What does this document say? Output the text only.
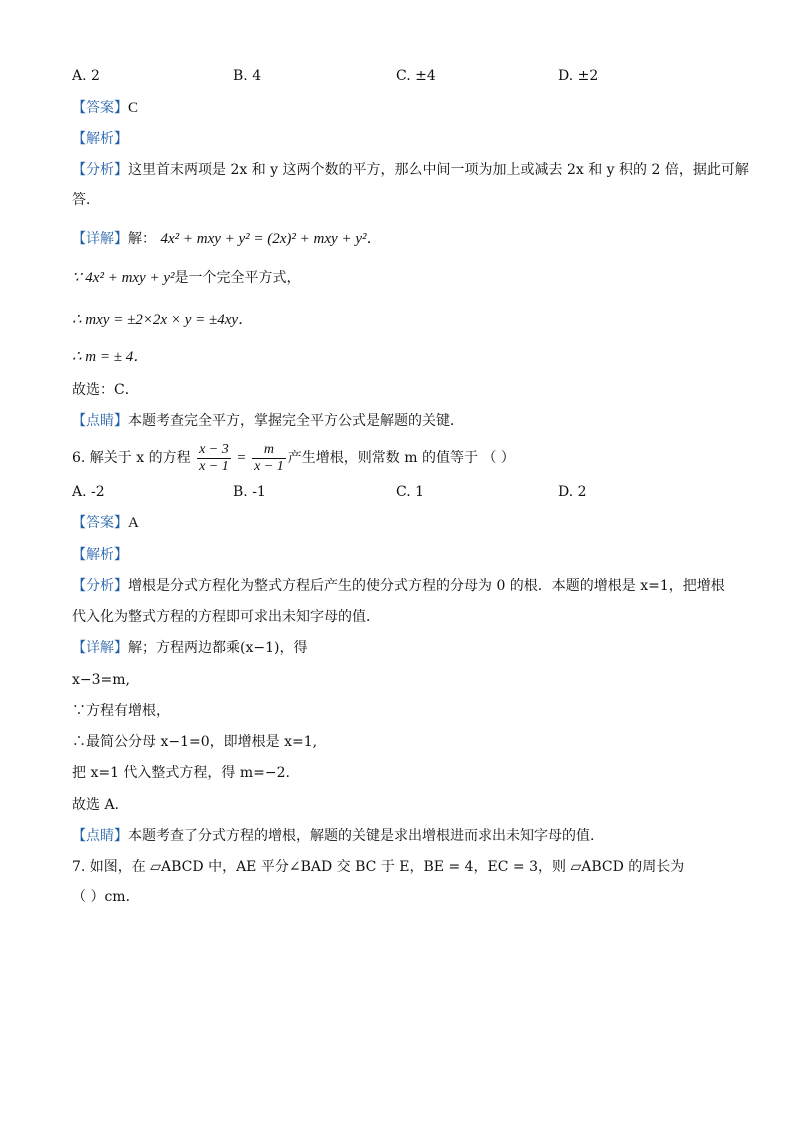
A. 2	B. 4	C. ±4	D. ±2
【答案】C
【解析】
【分析】这里首末两项是 2x 和 y 这两个数的平方，那么中间一项为加上或减去 2x 和 y 积的 2 倍，据此可解
答．
【详解】解： 4x² + mxy + y² = (2x)² + mxy + y²．
∵ 4x² + mxy + y²是一个完全平方式，
∴ mxy = ±2×2x × y = ±4xy．
∴ m = ± 4．
故选：C．
【点睛】本题考查完全平方，掌握完全平方公式是解题的关键．
6. 解关于 x 的方程 $\frac{x - 3}{x - 1} = \frac{m}{x - 1}$ 产生增根，则常数 m 的值等于 （ ）
A. -2	B. -1	C. 1	D. 2
【答案】A
【解析】
【分析】增根是分式方程化为整式方程后产生的使分式方程的分母为 0 的根．本题的增根是 x=1，把增根
代入化为整式方程的方程即可求出未知字母的值．
【详解】解；方程两边都乘(x−1)，得
x−3=m,
∵方程有增根，
∴最简公分母 x−1=0，即增根是 x=1,
把 x=1 代入整式方程，得 m=−2.
故选 A.
【点睛】本题考查了分式方程的增根，解题的关键是求出增根进而求出未知字母的值.
7. 如图，在 ▱ABCD 中，AE 平分∠BAD 交 BC 于 E，BE = 4，EC = 3，则 ▱ABCD 的周长为
（ ）cm．
